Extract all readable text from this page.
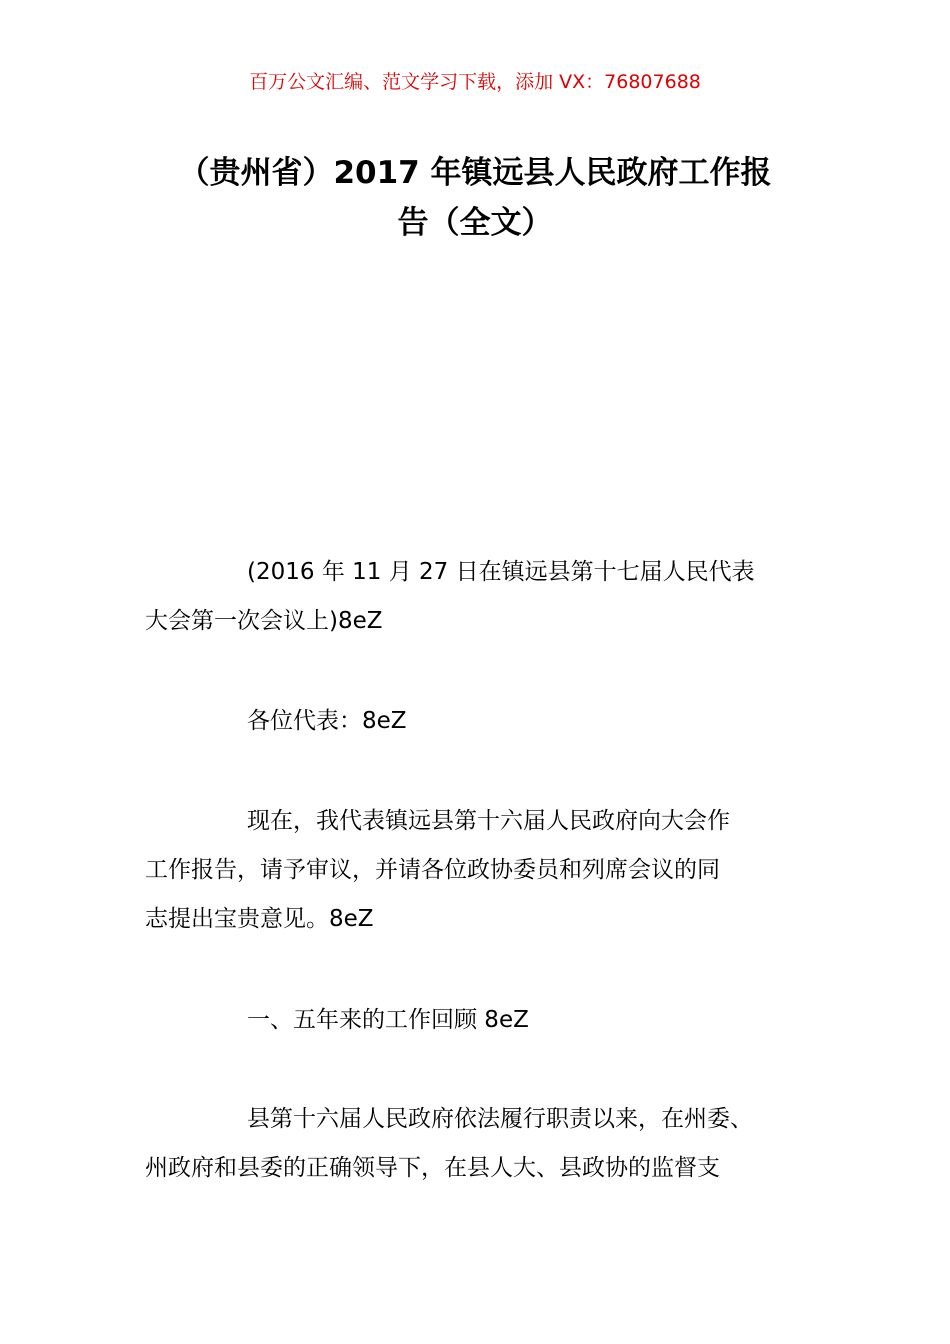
百万公文汇编、范文学习下载，添加 VX：76807688
（贵州省）2017 年镇远县人民政府工作报
告（全文）

(2016 年 11 月 27 日在镇远县第十七届人民代表
大会第一次会议上)8eZ

各位代表：8eZ

现在，我代表镇远县第十六届人民政府向大会作
工作报告，请予审议，并请各位政协委员和列席会议的同
志提出宝贵意见。8eZ

一、五年来的工作回顾 8eZ

县第十六届人民政府依法履行职责以来，在州委、
州政府和县委的正确领导下，在县人大、县政协的监督支
